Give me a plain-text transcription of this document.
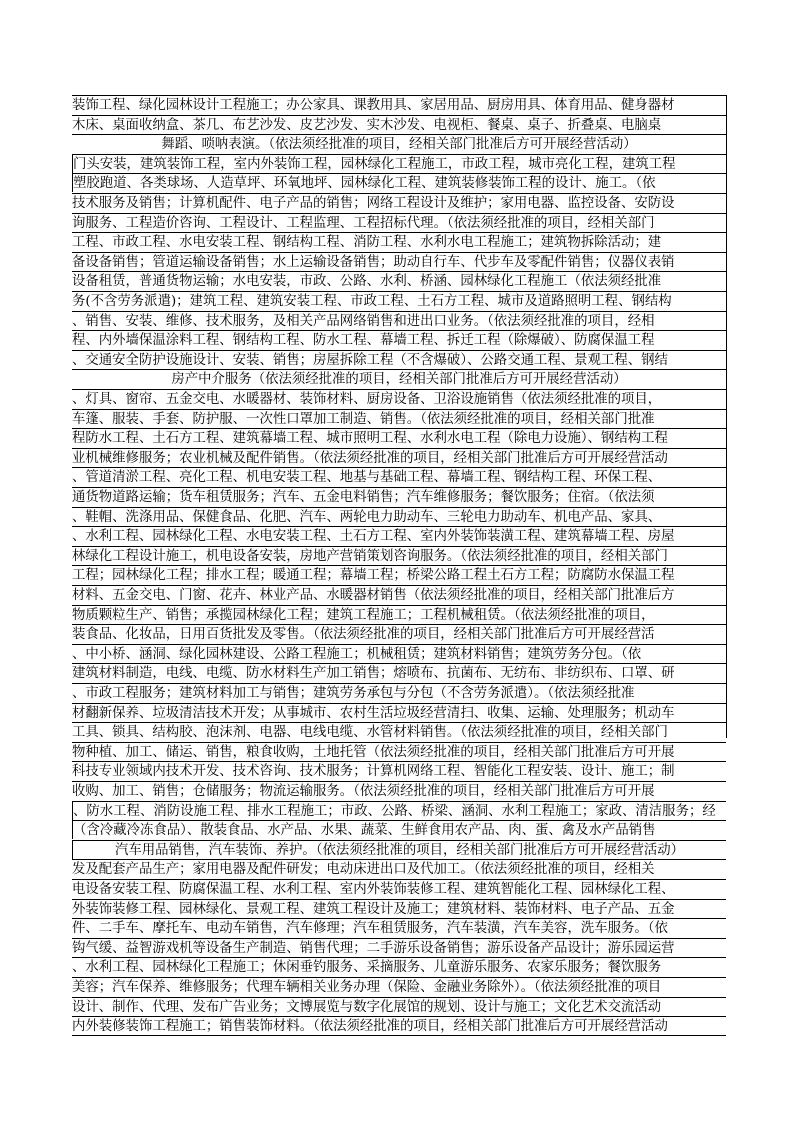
装饰工程、绿化园林设计工程施工；办公家具、课教用具、家居用品、厨房用具、体育用品、健身器材
木床、桌面收纳盒、茶几、布艺沙发、皮艺沙发、实木沙发、电视柜、餐桌、桌子、折叠桌、电脑桌
舞蹈、唢呐表演。（依法须经批准的项目，经相关部门批准后方可开展经营活动）
门头安装，建筑装饰工程，室内外装饰工程，园林绿化工程施工，市政工程，城市亮化工程，建筑工程
塑胶跑道、各类球场、人造草坪、环氧地坪、园林绿化工程、建筑装修装饰工程的设计、施工。（依
技术服务及销售；计算机配件、电子产品的销售；网络工程设计及维护；家用电器、监控设备、安防设
询服务、工程造价咨询、工程设计、工程监理、工程招标代理。（依法须经批准的项目，经相关部门
工程、市政工程、水电安装工程、钢结构工程、消防工程、水利水电工程施工；建筑物拆除活动；建
备设备销售；管道运输设备销售；水上运输设备销售；助动自行车、代步车及零配件销售；仪器仪表销
设备租赁，普通货物运输；水电安装，市政、公路、水利、桥涵、园林绿化工程施工（依法须经批准
务(不含劳务派遣)；建筑工程、建筑安装工程、市政工程、土石方工程、城市及道路照明工程、钢结构
、销售、安装、维修、技术服务，及相关产品网络销售和进出口业务。（依法须经批准的项目，经相
程、内外墙保温涂料工程、钢结构工程、防水工程、幕墙工程、拆迁工程（除爆破）、防腐保温工程
、交通安全防护设施设计、安装、销售；房屋拆除工程（不含爆破）、公路交通工程、景观工程、钢结
房产中介服务（依法须经批准的项目，经相关部门批准后方可开展经营活动）
、灯具、窗帘、五金交电、水暖器材、装饰材料、厨房设备、卫浴设施销售（依法须经批准的项目，
车篷、服装、手套、防护服、一次性口罩加工制造、销售。（依法须经批准的项目，经相关部门批准
程防水工程、土石方工程、建筑幕墙工程、城市照明工程、水利水电工程（除电力设施）、钢结构工程
业机械维修服务；农业机械及配件销售。（依法须经批准的项目，经相关部门批准后方可开展经营活动
、管道清淤工程、亮化工程、机电安装工程、地基与基础工程、幕墙工程、钢结构工程、环保工程、
通货物道路运输；货车租赁服务；汽车、五金电料销售；汽车维修服务；餐饮服务；住宿。（依法须
、鞋帽、洗涤用品、保健食品、化肥、汽车、两轮电力助动车、三轮电力助动车、机电产品、家具、
、水利工程、园林绿化工程、水电安装工程、土石方工程、室内外装饰装潢工程、建筑幕墙工程、房屋
林绿化工程设计施工，机电设备安装，房地产营销策划咨询服务。（依法须经批准的项目，经相关部门
工程；园林绿化工程；排水工程；暖通工程；幕墙工程；桥梁公路工程土石方工程；防腐防水保温工程
材料、五金交电、门窗、花卉、林业产品、水暖器材销售（依法须经批准的项目，经相关部门批准后方
物质颗粒生产、销售；承揽园林绿化工程；建筑工程施工；工程机械租赁。（依法须经批准的项目，
装食品、化妆品，日用百货批发及零售。（依法须经批准的项目，经相关部门批准后方可开展经营活
、中小桥、涵洞、绿化园林建设、公路工程施工；机械租赁；建筑材料销售；建筑劳务分包。（依
建筑材料制造，电线、电缆、防水材料生产加工销售；熔喷布、抗菌布、无纺布、非纺织布、口罩、研
、市政工程服务；建筑材料加工与销售；建筑劳务承包与分包（不含劳务派遣）。（依法须经批准
材翻新保养、垃圾清洁技术开发；从事城市、农村生活垃圾经营清扫、收集、运输、处理服务；机动车
工具、锁具、结构胶、泡沫剂、电器、电线电缆、水管材料销售。（依法须经批准的项目，经相关部门
物种植、加工、储运、销售，粮食收购，土地托管（依法须经批准的项目，经相关部门批准后方可开展
科技专业领域内技术开发、技术咨询、技术服务；计算机网络工程、智能化工程安装、设计、施工；制
收购、加工、销售；仓储服务；物流运输服务。（依法须经批准的项目，经相关部门批准后方可开展
、防水工程、消防设施工程、排水工程施工；市政、公路、桥梁、涵洞、水利工程施工；家政、清洁服务；经
（含冷藏冷冻食品）、散装食品、水产品、水果、蔬菜、生鲜食用农产品、肉、蛋、禽及水产品销售
汽车用品销售，汽车装饰、养护。（依法须经批准的项目，经相关部门批准后方可开展经营活动）
发及配套产品生产；家用电器及配件研发；电动床进出口及代加工。（依法须经批准的项目，经相关
电设备安装工程、防腐保温工程、水利工程、室内外装饰装修工程、建筑智能化工程、园林绿化工程、
外装饰装修工程、园林绿化、景观工程、建筑工程设计及施工；建筑材料、装饰材料、电子产品、五金
件、二手车、摩托车、电动车销售，汽车修理；汽车租赁服务，汽车装潢，汽车美容，洗车服务。（依
钩气缓、益智游戏机等设备生产制造、销售代理；二手游乐设备销售；游乐设备产品设计；游乐园运营
、水利工程、园林绿化工程施工；休闲垂钓服务、采摘服务、儿童游乐服务、农家乐服务；餐饮服务
美容；汽车保养、维修服务；代理车辆相关业务办理（保险、金融业务除外）。（依法须经批准的项目
设计、制作、代理、发布广告业务；文博展览与数字化展馆的规划、设计与施工；文化艺术交流活动
内外装修装饰工程施工；销售装饰材料。（依法须经批准的项目，经相关部门批准后方可开展经营活动
